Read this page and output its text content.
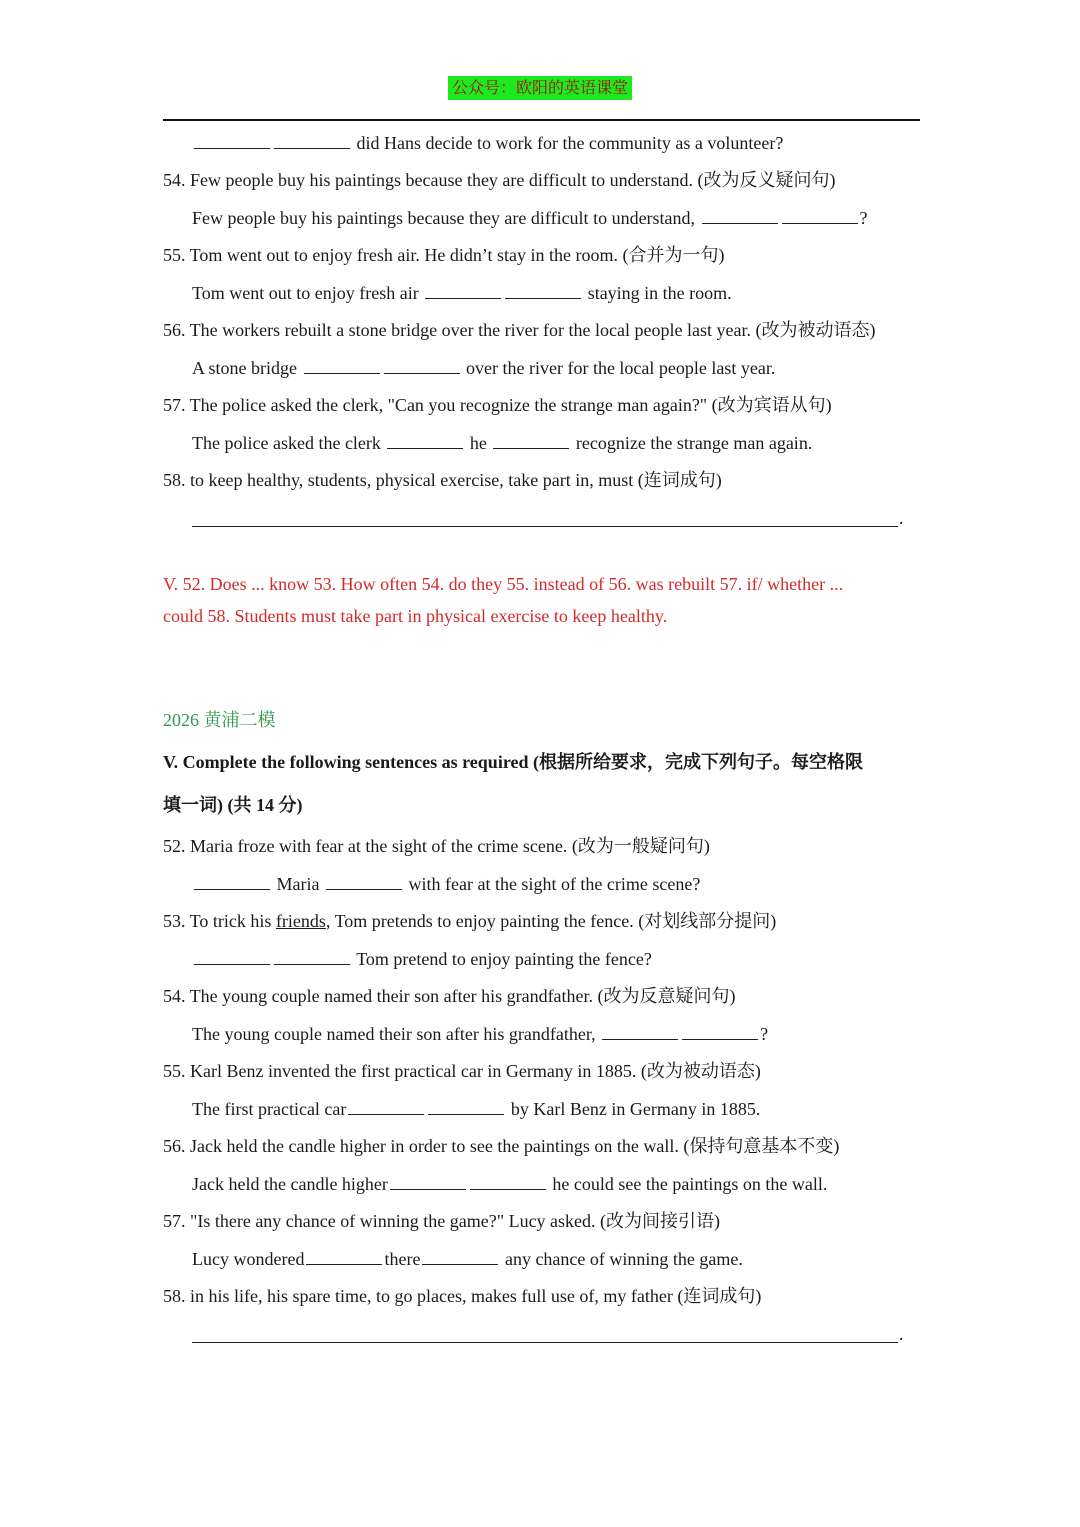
公众号：欧阳的英语课堂
did Hans decide to work for the community as a volunteer?
54. Few people buy his paintings because they are difficult to understand. (改为反义疑问句)
Few people buy his paintings because they are difficult to understand,	?
55. Tom went out to enjoy fresh air. He didn’t stay in the room. (合并为一句)
Tom went out to enjoy fresh air	staying in the room.
56. The workers rebuilt a stone bridge over the river for the local people last year. (改为被动语态)
A stone bridge	over the river for the local people last year.
57. The police asked the clerk, "Can you recognize the strange man again?" (改为宾语从句)
The police asked the clerk	he	recognize the strange man again.
58. to keep healthy, students, physical exercise, take part in, must (连词成句)
.
V. 52. Does ... know 53. How often 54. do they 55. instead of 56. was rebuilt 57. if/ whether ...
could 58. Students must take part in physical exercise to keep healthy.
2026 黄浦二模
V. Complete the following sentences as required (根据所给要求，完成下列句子。每空格限
填一词) (共 14 分)
52. Maria froze with fear at the sight of the crime scene. (改为一般疑问句)
Maria	with fear at the sight of the crime scene?
53. To trick his friends, Tom pretends to enjoy painting the fence. (对划线部分提问)
Tom pretend to enjoy painting the fence?
54. The young couple named their son after his grandfather. (改为反意疑问句)
The young couple named their son after his grandfather,	?
55. Karl Benz invented the first practical car in Germany in 1885. (改为被动语态)
The first practical car	by Karl Benz in Germany in 1885.
56. Jack held the candle higher in order to see the paintings on the wall. (保持句意基本不变)
Jack held the candle higher	he could see the paintings on the wall.
57. "Is there any chance of winning the game?" Lucy asked. (改为间接引语)
Lucy wondered	there	any chance of winning the game.
58. in his life, his spare time, to go places, makes full use of, my father (连词成句)
.
